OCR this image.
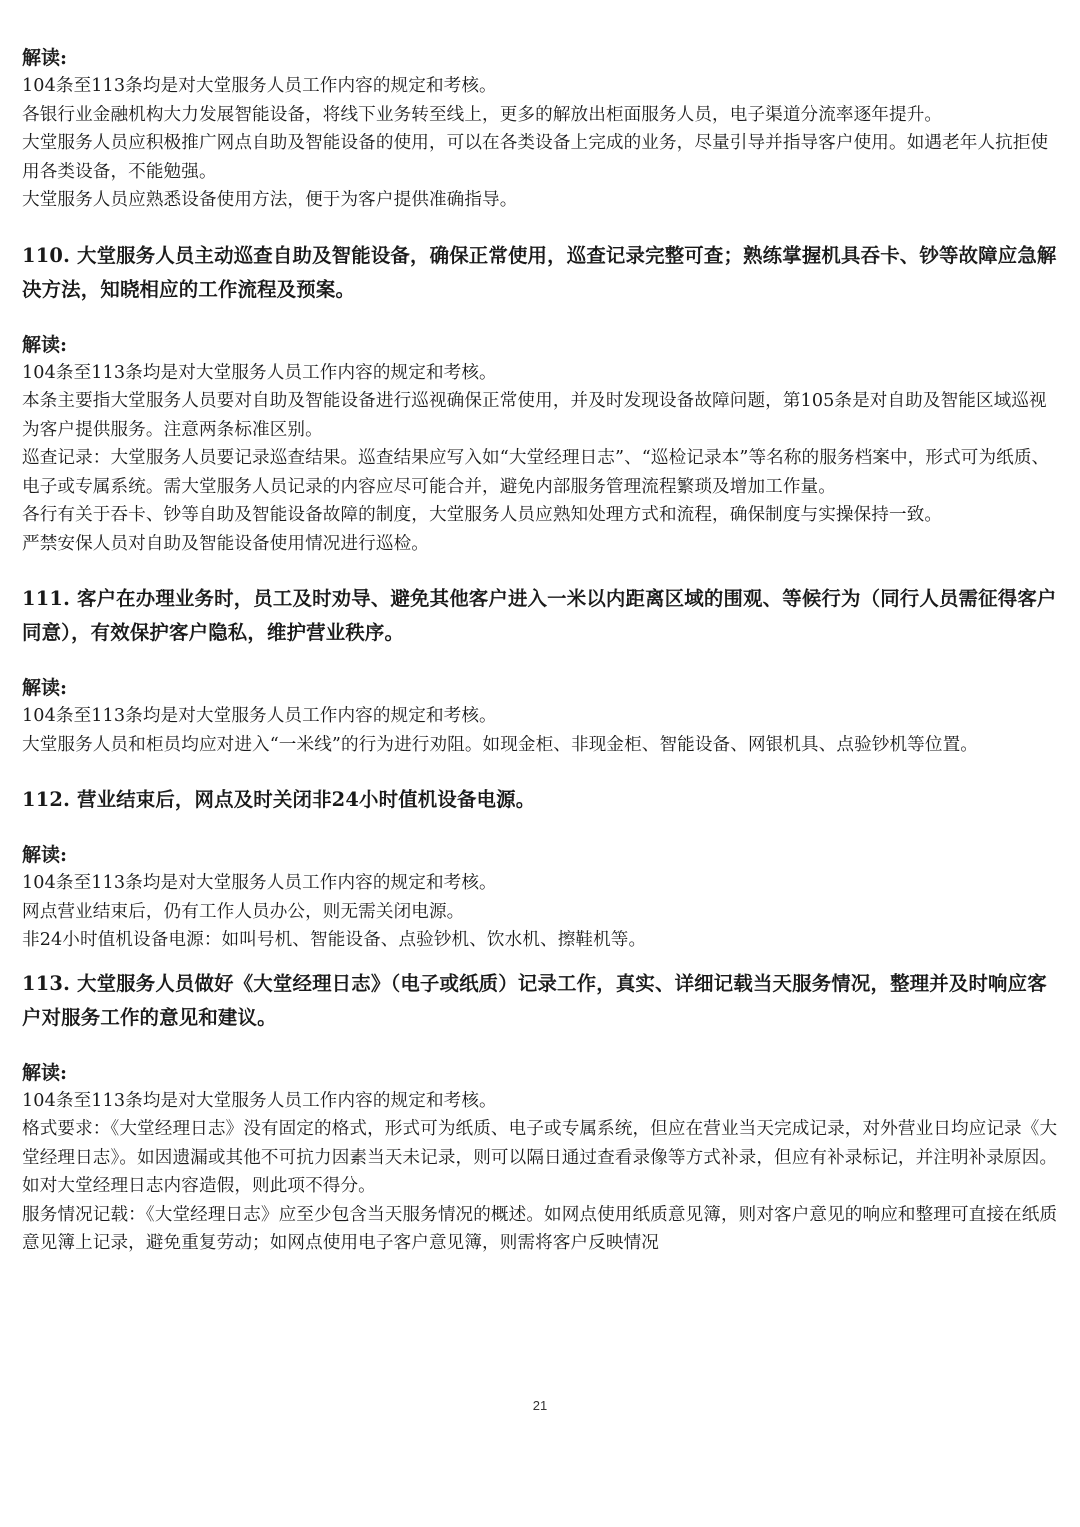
解读:

104条至113条均是对大堂服务人员工作内容的规定和考核。

各银行业金融机构大力发展智能设备，将线下业务转至线上，更多的解放出柜面服务人员，电子渠道分流率逐年提升。

大堂服务人员应积极推广网点自助及智能设备的使用，可以在各类设备上完成的业务，尽量引导并指导客户使用。如遇老年人抗拒使用各类设备，不能勉强。

大堂服务人员应熟悉设备使用方法，便于为客户提供准确指导。

110. 大堂服务人员主动巡查自助及智能设备，确保正常使用，巡查记录完整可查；熟练掌握机具吞卡、钞等故障应急解决方法，知晓相应的工作流程及预案。

解读:

104条至113条均是对大堂服务人员工作内容的规定和考核。

本条主要指大堂服务人员要对自助及智能设备进行巡视确保正常使用，并及时发现设备故障问题，第105条是对自助及智能区域巡视为客户提供服务。注意两条标准区别。

巡查记录：大堂服务人员要记录巡查结果。巡查结果应写入如“大堂经理日志”、“巡检记录本”等名称的服务档案中，形式可为纸质、电子或专属系统。需大堂服务人员记录的内容应尽可能合并，避免内部服务管理流程繁琐及增加工作量。

各行有关于吞卡、钞等自助及智能设备故障的制度，大堂服务人员应熟知处理方式和流程，确保制度与实操保持一致。

严禁安保人员对自助及智能设备使用情况进行巡检。

111. 客户在办理业务时，员工及时劝导、避免其他客户进入一米以内距离区域的围观、等候行为（同行人员需征得客户同意），有效保护客户隐私，维护营业秩序。

解读:

104条至113条均是对大堂服务人员工作内容的规定和考核。

大堂服务人员和柜员均应对进入“一米线”的行为进行劝阻。如现金柜、非现金柜、智能设备、网银机具、点验钞机等位置。

112. 营业结束后，网点及时关闭非24小时值机设备电源。

解读:

104条至113条均是对大堂服务人员工作内容的规定和考核。

网点营业结束后，仍有工作人员办公，则无需关闭电源。

非24小时值机设备电源：如叫号机、智能设备、点验钞机、饮水机、擦鞋机等。

113. 大堂服务人员做好《大堂经理日志》（电子或纸质）记录工作，真实、详细记载当天服务情况，整理并及时响应客户对服务工作的意见和建议。

解读:

104条至113条均是对大堂服务人员工作内容的规定和考核。

格式要求：《大堂经理日志》没有固定的格式，形式可为纸质、电子或专属系统，但应在营业当天完成记录，对外营业日均应记录《大堂经理日志》。如因遗漏或其他不可抗力因素当天未记录，则可以隔日通过查看录像等方式补录，但应有补录标记，并注明补录原因。如对大堂经理日志内容造假，则此项不得分。

服务情况记载：《大堂经理日志》应至少包含当天服务情况的概述。如网点使用纸质意见簿，则对客户意见的响应和整理可直接在纸质意见簿上记录，避免重复劳动；如网点使用电子客户意见簿，则需将客户反映情况

21
